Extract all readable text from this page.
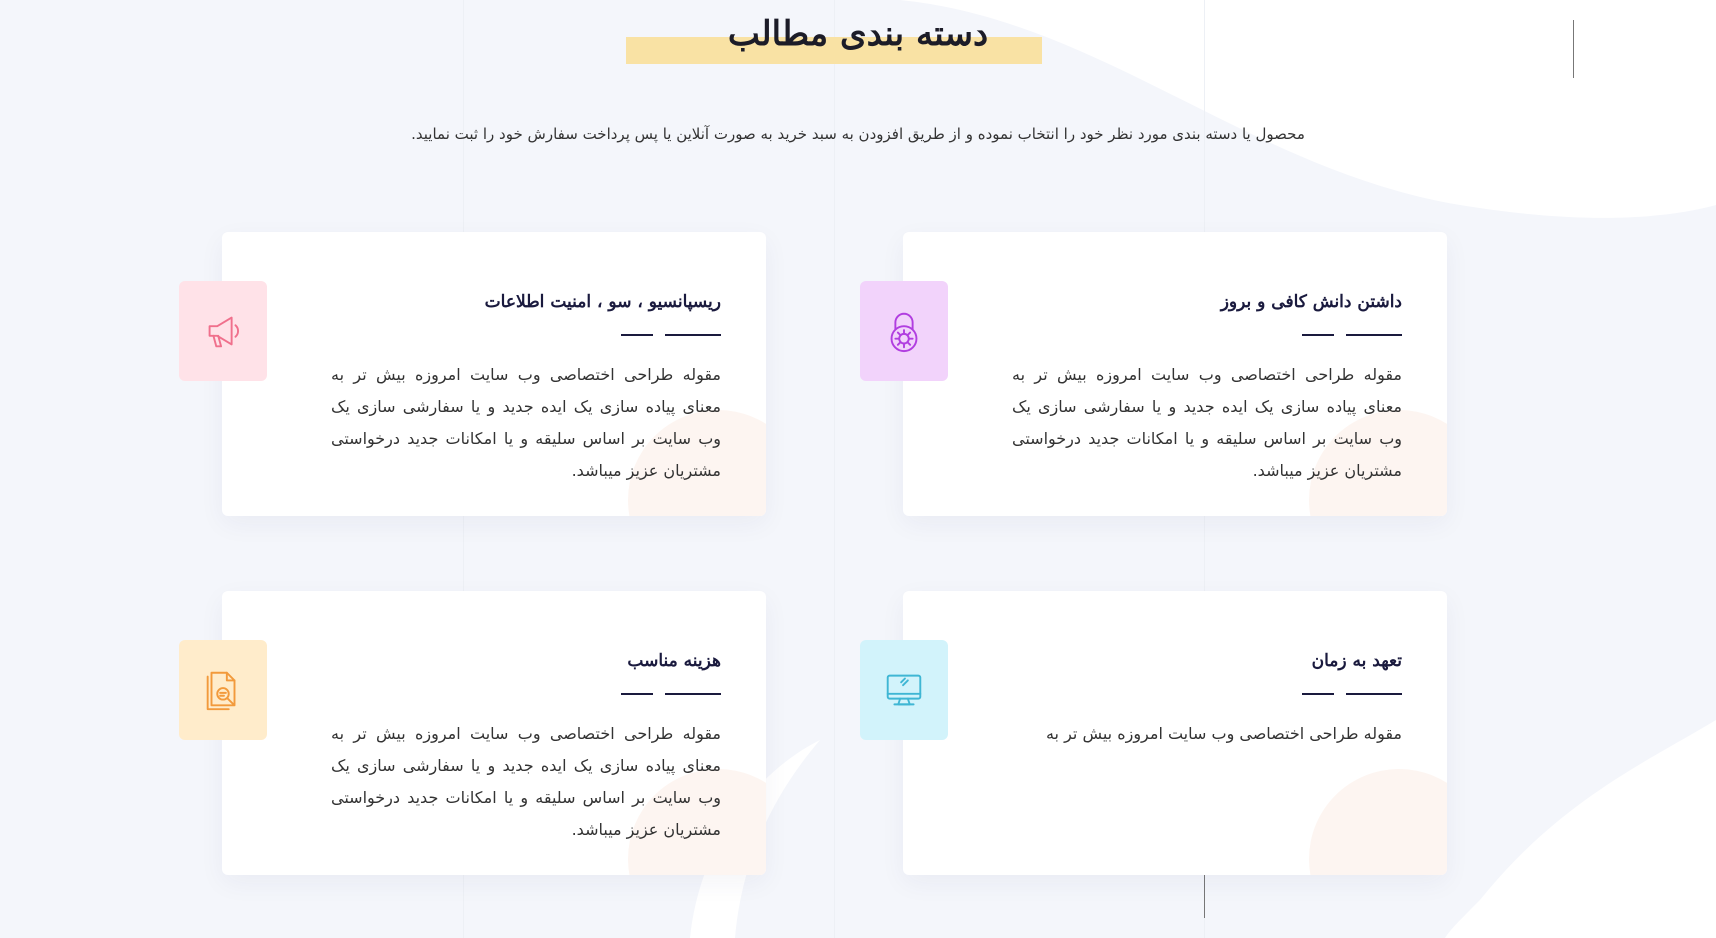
دسته بندی مطالب

محصول یا دسته بندی مورد نظر خود را انتخاب نموده و از طریق افزودن به سبد خرید به صورت آنلاین یا پس پرداخت سفارش خود را ثبت نمایید.

داشتن دانش کافی و بروز

مقوله طراحی اختصاصی وب سایت امروزه بیش تر به معنای پیاده سازی یک ایده جدید و یا سفارشی سازی یک وب سایت بر اساس سلیقه و یا امکانات جدید درخواستی مشتریان عزیز میباشد.

ریسپانسیو ، سو ، امنیت اطلاعات

مقوله طراحی اختصاصی وب سایت امروزه بیش تر به معنای پیاده سازی یک ایده جدید و یا سفارشی سازی یک وب سایت بر اساس سلیقه و یا امکانات جدید درخواستی مشتریان عزیز میباشد.

تعهد به زمان

مقوله طراحی اختصاصی وب سایت امروزه بیش تر به

هزینه مناسب

مقوله طراحی اختصاصی وب سایت امروزه بیش تر به معنای پیاده سازی یک ایده جدید و یا سفارشی سازی یک وب سایت بر اساس سلیقه و یا امکانات جدید درخواستی مشتریان عزیز میباشد.
